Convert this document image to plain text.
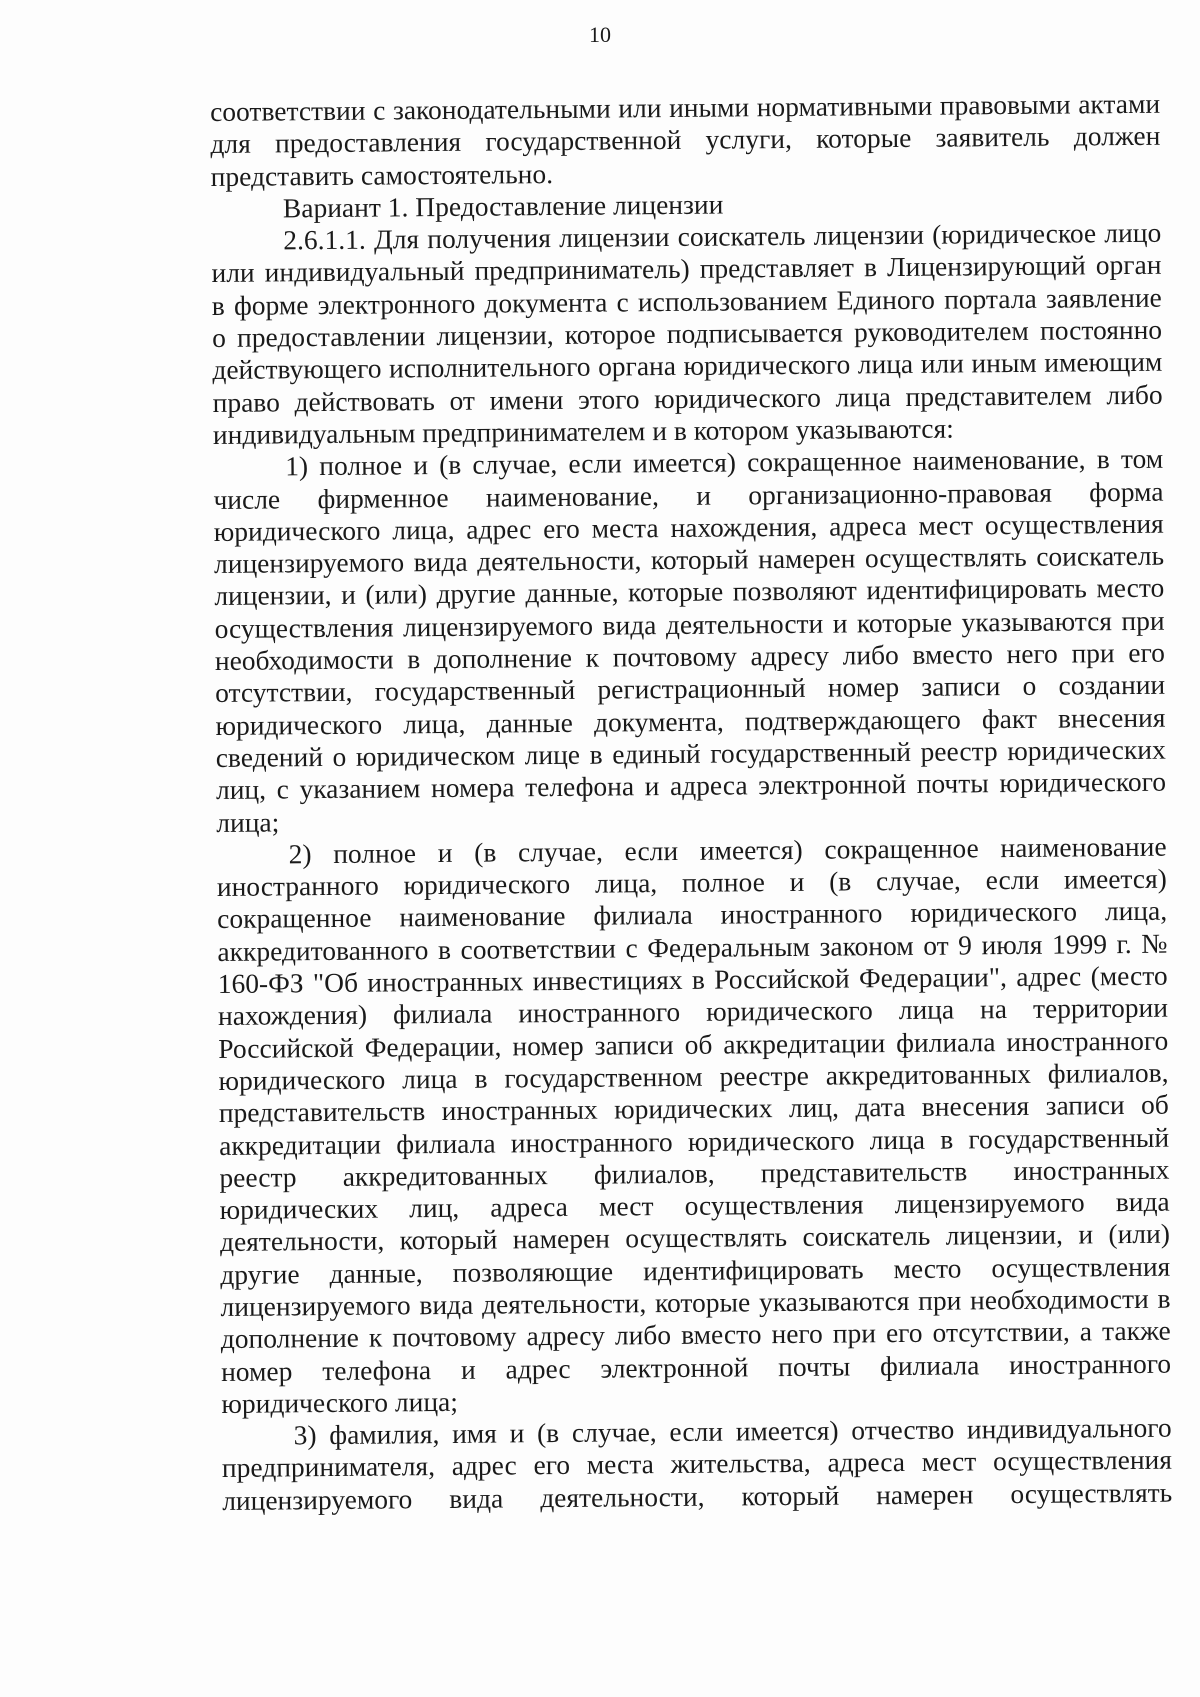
10

соответствии с законодательными или иными нормативными правовыми актами для предоставления государственной услуги, которые заявитель должен представить самостоятельно.

Вариант 1. Предоставление лицензии

2.6.1.1. Для получения лицензии соискатель лицензии (юридическое лицо или индивидуальный предприниматель) представляет в Лицензирующий орган в форме электронного документа с использованием Единого портала заявление о предоставлении лицензии, которое подписывается руководителем постоянно действующего исполнительного органа юридического лица или иным имеющим право действовать от имени этого юридического лица представителем либо индивидуальным предпринимателем и в котором указываются:

1) полное и (в случае, если имеется) сокращенное наименование, в том числе фирменное наименование, и организационно-правовая форма юридического лица, адрес его места нахождения, адреса мест осуществления лицензируемого вида деятельности, который намерен осуществлять соискатель лицензии, и (или) другие данные, которые позволяют идентифицировать место осуществления лицензируемого вида деятельности и которые указываются при необходимости в дополнение к почтовому адресу либо вместо него при его отсутствии, государственный регистрационный номер записи о создании юридического лица, данные документа, подтверждающего факт внесения сведений о юридическом лице в единый государственный реестр юридических лиц, с указанием номера телефона и адреса электронной почты юридического лица;

2) полное и (в случае, если имеется) сокращенное наименование иностранного юридического лица, полное и (в случае, если имеется) сокращенное наименование филиала иностранного юридического лица, аккредитованного в соответствии с Федеральным законом от 9 июля 1999 г. № 160-ФЗ "Об иностранных инвестициях в Российской Федерации", адрес (место нахождения) филиала иностранного юридического лица на территории Российской Федерации, номер записи об аккредитации филиала иностранного юридического лица в государственном реестре аккредитованных филиалов, представительств иностранных юридических лиц, дата внесения записи об аккредитации филиала иностранного юридического лица в государственный реестр аккредитованных филиалов, представительств иностранных юридических лиц, адреса мест осуществления лицензируемого вида деятельности, который намерен осуществлять соискатель лицензии, и (или) другие данные, позволяющие идентифицировать место осуществления лицензируемого вида деятельности, которые указываются при необходимости в дополнение к почтовому адресу либо вместо него при его отсутствии, а также номер телефона и адрес электронной почты филиала иностранного юридического лица;

3) фамилия, имя и (в случае, если имеется) отчество индивидуального предпринимателя, адрес его места жительства, адреса мест осуществления лицензируемого вида деятельности, который намерен осуществлять
